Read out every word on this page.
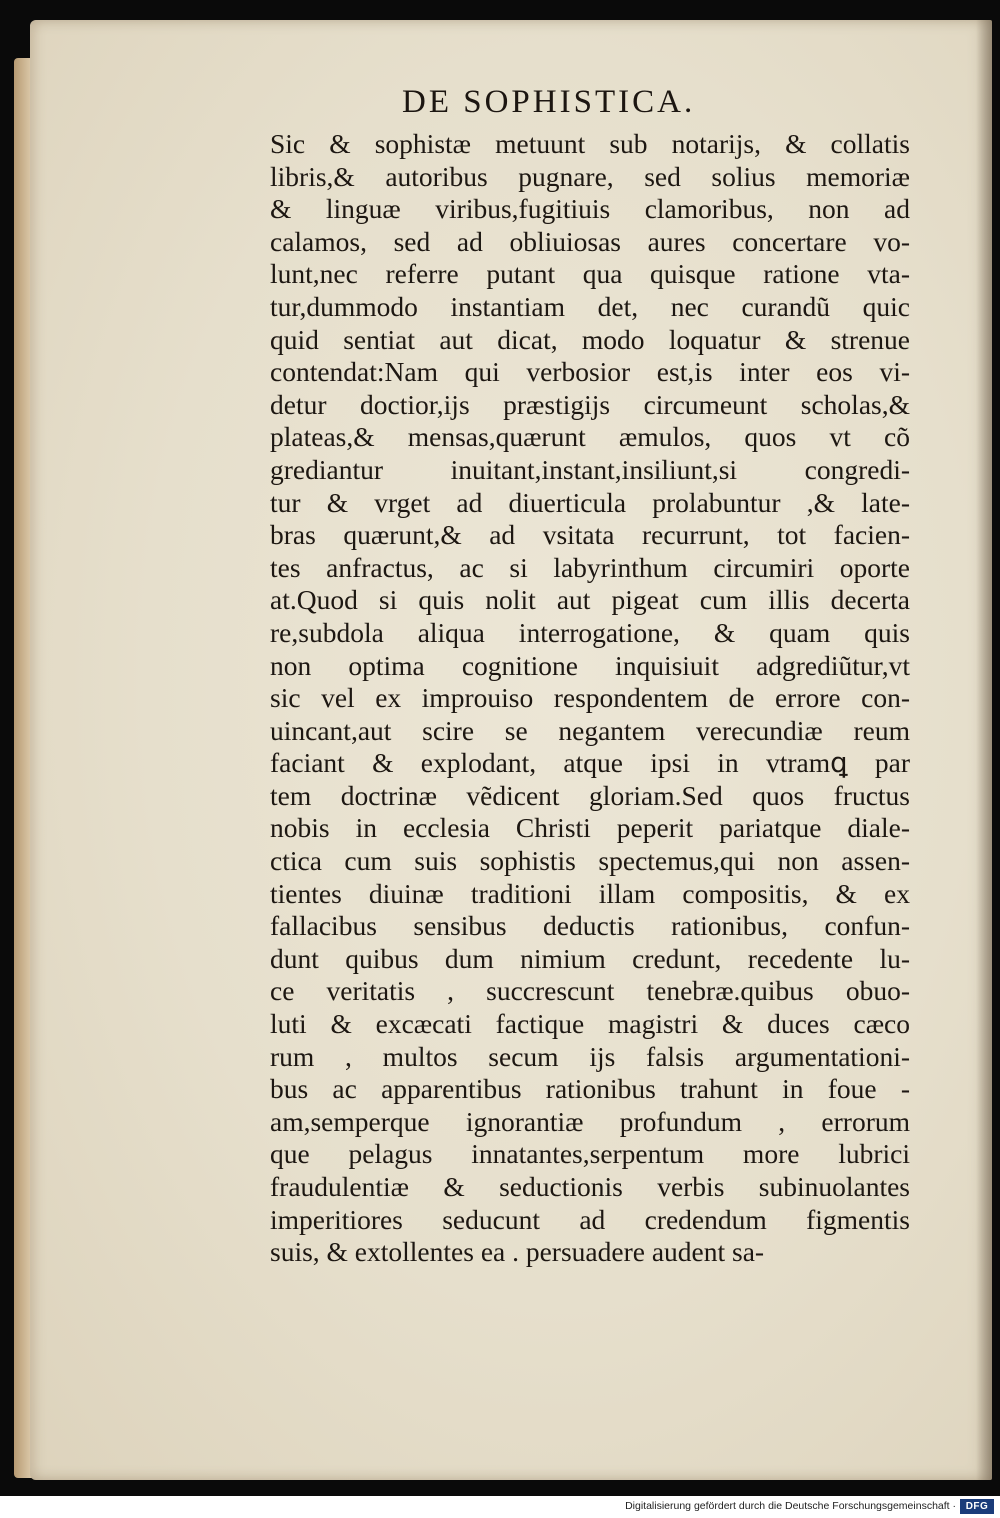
DE SOPHISTICA.
Sic & sophistæ metuunt sub notarijs, & collatis
libris,& autoribus pugnare, sed solius memoriæ
& linguæ viribus,fugitiuis clamoribus, non ad
calamos, sed ad obliuiosas aures concertare vo-
lunt,nec referre putant qua quisque ratione vta-
tur,dummodo instantiam det, nec curandũ quic
quid sentiat aut dicat, modo loquatur & strenue
contendat:Nam qui verbosior est,is inter eos vi-
detur doctior,ijs præstigijs circumeunt scholas,&
plateas,& mensas,quærunt æmulos, quos vt cõ
grediantur inuitant,instant,insiliunt,si congredi-
tur & vrget ad diuerticula prolabuntur ,& late-
bras quærunt,& ad vsitata recurrunt, tot facien-
tes anfractus, ac si labyrinthum circumiri oporte
at.Quod si quis nolit aut pigeat cum illis decerta
re,subdola aliqua interrogatione, & quam quis
non optima cognitione inquisiuit adgrediũtur,vt
sic vel ex improuiso respondentem de errore con-
uincant,aut scire se negantem verecundiæ reum
faciant & explodant, atque ipsi in vtramꝗ par
tem doctrinæ vẽdicent gloriam.Sed quos fructus
nobis in ecclesia Christi peperit pariatque diale-
ctica cum suis sophistis spectemus,qui non assen-
tientes diuinæ traditioni illam compositis, & ex
fallacibus sensibus deductis rationibus, confun-
dunt quibus dum nimium credunt, recedente lu-
ce veritatis , succrescunt tenebræ.quibus obuo-
luti & excæcati factique magistri & duces cæco
rum , multos secum ijs falsis argumentationi-
bus ac apparentibus rationibus trahunt in foue -
am,semperque ignorantiæ profundum , errorum
que pelagus innatantes,serpentum more lubrici
fraudulentiæ & seductionis verbis subinuolantes
imperitiores seducunt ad credendum figmentis
suis, & extollentes ea . persuadere audent sa-
Digitalisierung gefördert durch die Deutsche Forschungsgemeinschaft · DFG
